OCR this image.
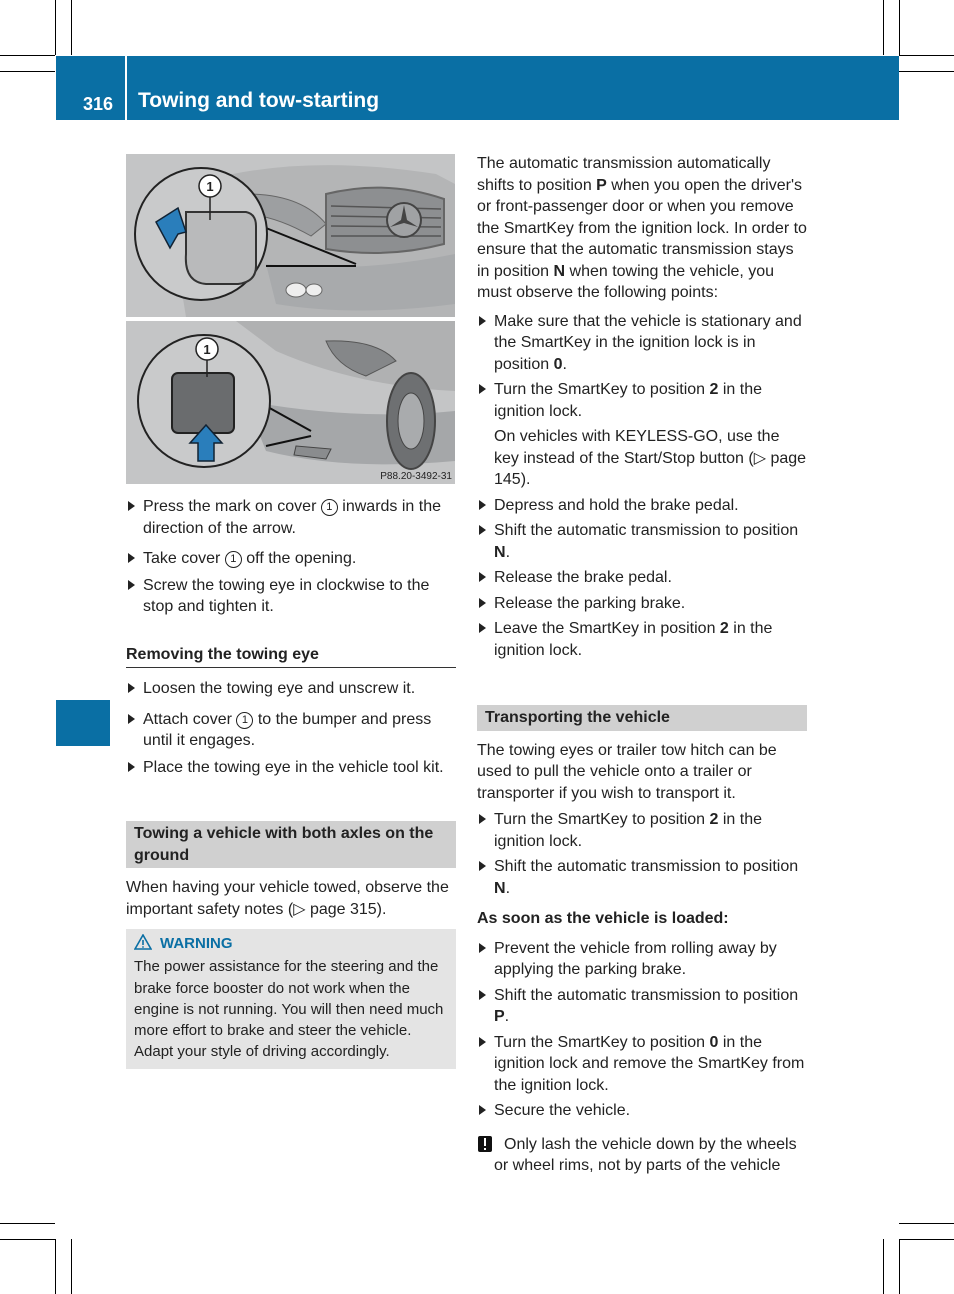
316 Towing and tow-starting
1
1
P88.20-3492-31
Press the mark on cover 1 inwards in the direction of the arrow.
Take cover 1 off the opening.
Screw the towing eye in clockwise to the stop and tighten it.
Removing the towing eye
Loosen the towing eye and unscrew it.
Attach cover 1 to the bumper and press until it engages.
Place the towing eye in the vehicle tool kit.
Towing a vehicle with both axles on the ground

When having your vehicle towed, observe the important safety notes (▷ page 315).

WARNING

The power assistance for the steering and the brake force booster do not work when the engine is not running. You will then need much more effort to brake and steer the vehicle. Adapt your style of driving accordingly.

The automatic transmission automatically shifts to position P when you open the driver's or front-passenger door or when you remove the SmartKey from the ignition lock. In order to ensure that the automatic transmission stays in position N when towing the vehicle, you must observe the following points:

Make sure that the vehicle is stationary and the SmartKey in the ignition lock is in position 0.
Turn the SmartKey to position 2 in the ignition lock.

On vehicles with KEYLESS-GO, use the key instead of the Start/Stop button (▷ page 145).

Depress and hold the brake pedal.
Shift the automatic transmission to position N.
Release the brake pedal.
Release the parking brake.
Leave the SmartKey in position 2 in the ignition lock.
Transporting the vehicle

The towing eyes or trailer tow hitch can be used to pull the vehicle onto a trailer or transporter if you wish to transport it.

Turn the SmartKey to position 2 in the ignition lock.
Shift the automatic transmission to position N.
As soon as the vehicle is loaded:
Prevent the vehicle from rolling away by applying the parking brake.
Shift the automatic transmission to position P.
Turn the SmartKey to position 0 in the ignition lock and remove the SmartKey from the ignition lock.
Secure the vehicle.
Only lash the vehicle down by the wheels or wheel rims, not by parts of the vehicle
